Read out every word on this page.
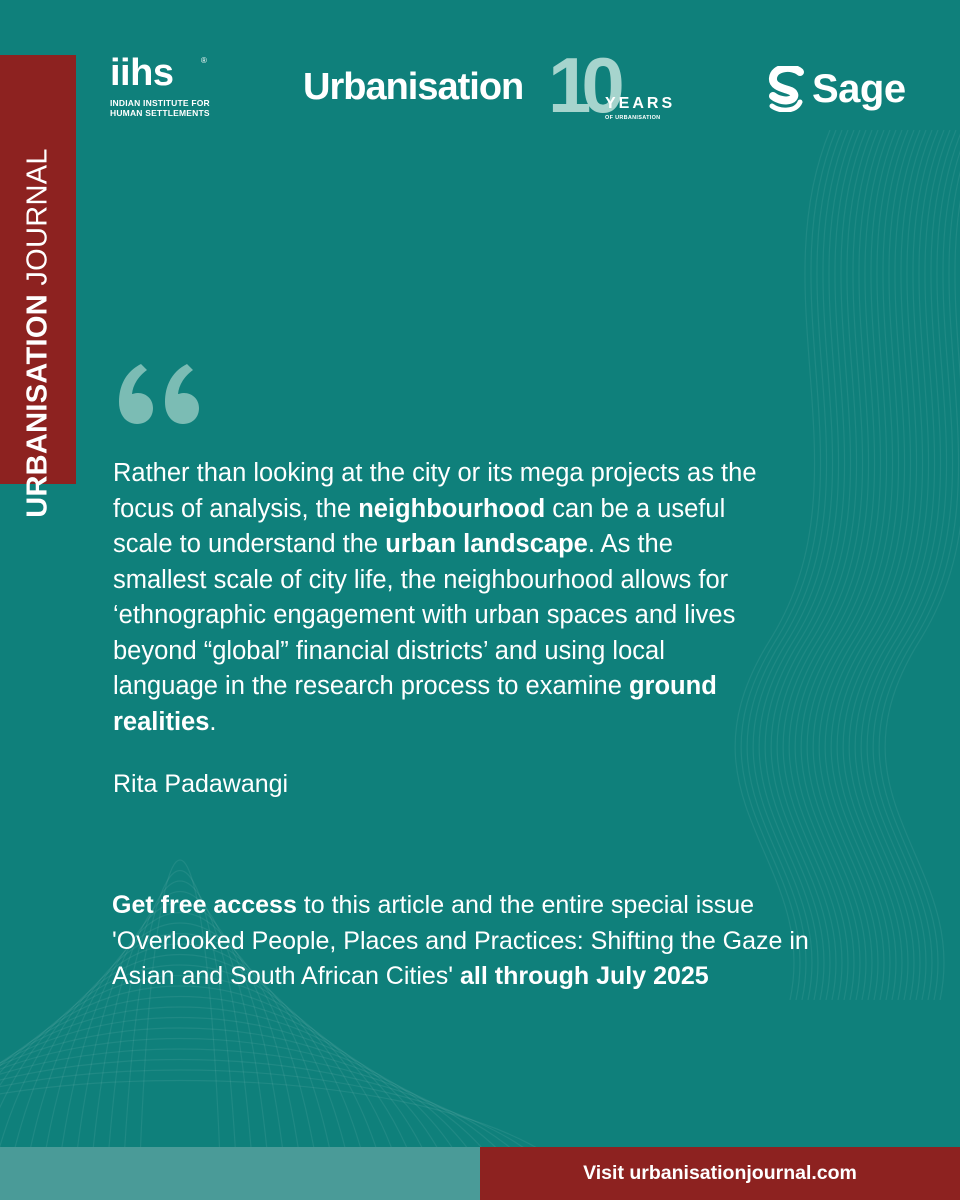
URBANISATION JOURNAL
iihs	®
INDIAN INSTITUTE FOR
HUMAN SETTLEMENTS
Urbanisation 10
YEARS
OF URBANISATION
Sage
Rather than looking at the city or its mega projects as the focus of analysis, the neighbourhood can be a useful scale to understand the urban landscape. As the smallest scale of city life, the neighbourhood allows for ‘ethnographic engagement with urban spaces and lives beyond “global” financial districts’ and using local language in the research process to examine ground realities.
Rita Padawangi
Get free access to this article and the entire special issue 'Overlooked People, Places and Practices: Shifting the Gaze in Asian and South African Cities' all through July 2025
Visit urbanisationjournal.com
